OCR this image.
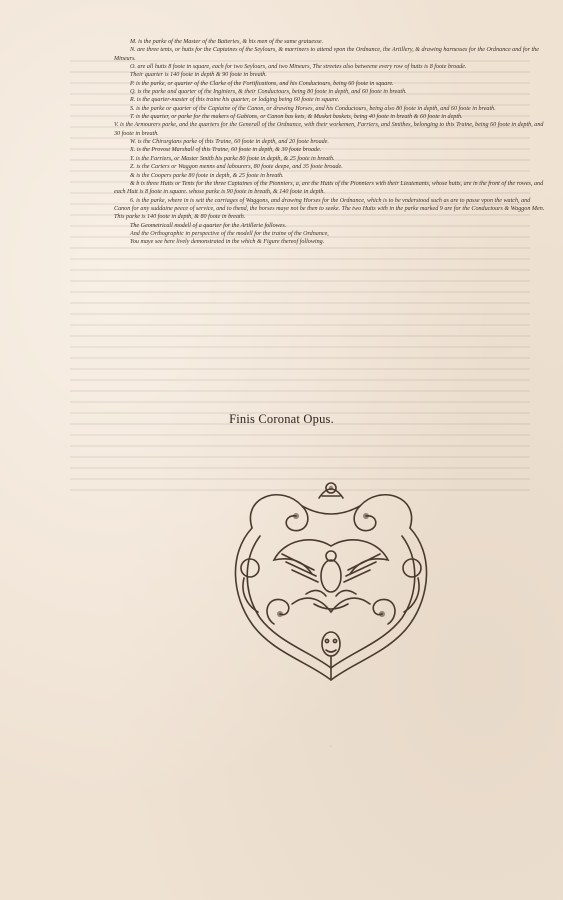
M. is the parke of the Master of the Batteries, & his men of the same gratuesse.

N. are three tents, or hutts for the Captaines of the Seylours, & marriners to attend vpon the Ordnance, the Artillery, & drawing harnesses for the Ordnance and for the Mineurs.

O. are all hutts 8 foote in square, each for two Seylours, and two Mineurs, The streetes also betweene every row of hutts is 8 foote broade.

Their quarter is 140 foote in depth & 90 foote in breath.

P. is the parke, or quarter of the Clarke of the Fortifications, and his Conductours, being 60 foote in square.

Q. is the parke and quarter of the Inginiers, & their Conductours, being 80 foote in depth, and 60 foote in breath.

R. is the quarter-master of this traine his quarter, or lodging being 60 foote in square.

S. is the parke or quarter of the Captaine of the Canon, or drawing Horses, and his Conductours, being also 80 foote in depth, and 60 foote in breath.

T. is the quarter, or parke for the makers of Gabions, or Canon bas kets, & Musket baskets, being 40 foote in breath & 60 foote in depth.

V. is the Armourers parke, and the quarters for the Generall of the Ordnance, with their workemen, Farriers, and Smithes, belonging to this Traine, being 60 foote in depth, and 30 foote in breath.

W. is the Chirurgians parke of this Traine, 60 foote in depth, and 20 foote broade.

X. is the Provost Marshall of this Traine, 60 foote in depth, & 30 foote broade.

Y. is the Farriers, or Master Smith his parke 80 foote in depth, & 25 foote in breath.

Z. is the Carters or Waggon menns and labourers, 80 foote deepe, and 35 foote broade.

& is the Coopers parke 80 foote in depth, & 25 foote in breath.

& b is three Hutts or Tents for the three Captaines of the Pionniers, a, are the Hutts of the Pionniers with their Lieutenants, whose hutts, are in the front of the rowes, and each Hutt is 8 foote in square. whose parke is 90 foote in breath, & 140 foote in depth.

6. is the parke, where in is sett the carriages of Waggons, and drawing Horses for the Ordnance, which is to be vnderstood such as are to passe vpon the watch, and Canon for any suddaine peece of service, and to thend, the horses maye not be then to seeke. The two Hutts with in the parke marked 9 are for the Conductours & Waggon Men. This parke is 140 foote in depth, & 80 foote in breath.

The Geometricall modell of a quarter for the Artillerie followes.

And the Orthographic in perspective of the modell for the traine of the Ordnance,

You maye see here lively demonstrated in the which & Figure thereof following.

Finis Coronat Opus.
◦
